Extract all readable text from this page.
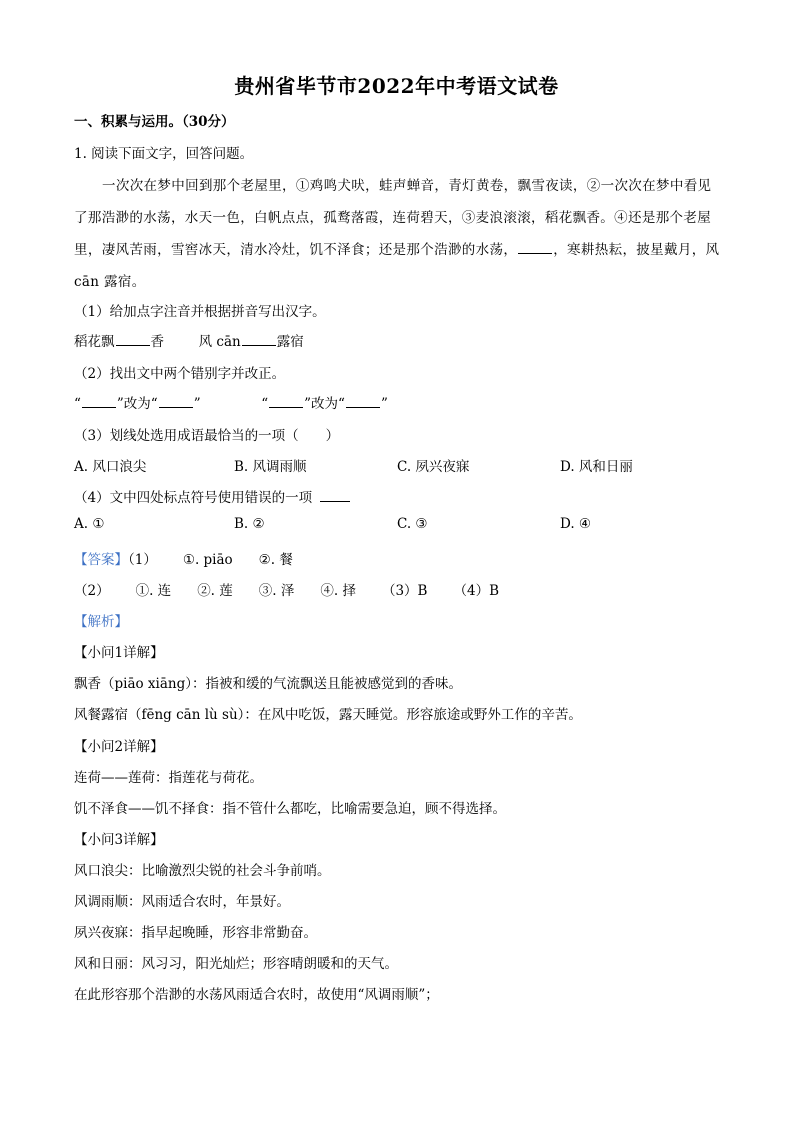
贵州省毕节市2022年中考语文试卷
一、积累与运用。（30分）
1. 阅读下面文字，回答问题。
一次次在梦中回到那个老屋里，①鸡鸣犬吠，蛙声蝉音，青灯黄卷，飘雪夜读，②一次次在梦中看见
了那浩渺的水荡，水天一色，白帆点点，孤鹜落霞，连荷碧天，③麦浪滚滚，稻花飘香。④还是那个老屋
里，凄风苦雨，雪窖冰天，清水冷灶，饥不泽食；还是那个浩渺的水荡，	，寒耕热耘，披星戴月，风
cān 露宿。
（1）给加点字注音并根据拼音写出汉字。
稻花飘	香	风 cān	露宿
（2）找出文中两个错别字并改正。
“	”改为“	”	“	”改为“	”
（3）划线处选用成语最恰当的一项（　　）
A. 风口浪尖	B. 风调雨顺	C. 夙兴夜寐	D. 风和日丽
（4）文中四处标点符号使用错误的一项
A. ①	B. ②	C. ③	D. ④
【答案】（1） ①. piāo ②. 餐
（2） ①. 连 ②. 莲 ③. 泽 ④. 择 （3）B （4）B
【解析】
【小问1详解】
飘香（piāo xiāng）：指被和缓的气流飘送且能被感觉到的香味。
风餐露宿（fēng cān lù sù）：在风中吃饭，露天睡觉。形容旅途或野外工作的辛苦。
【小问2详解】
连荷——莲荷：指莲花与荷花。
饥不泽食——饥不择食：指不管什么都吃，比喻需要急迫，顾不得选择。
【小问3详解】
风口浪尖：比喻激烈尖锐的社会斗争前哨。
风调雨顺：风雨适合农时，年景好。
夙兴夜寐：指早起晚睡，形容非常勤奋。
风和日丽：风习习，阳光灿烂；形容晴朗暖和的天气。
在此形容那个浩渺的水荡风雨适合农时，故使用“风调雨顺”；
